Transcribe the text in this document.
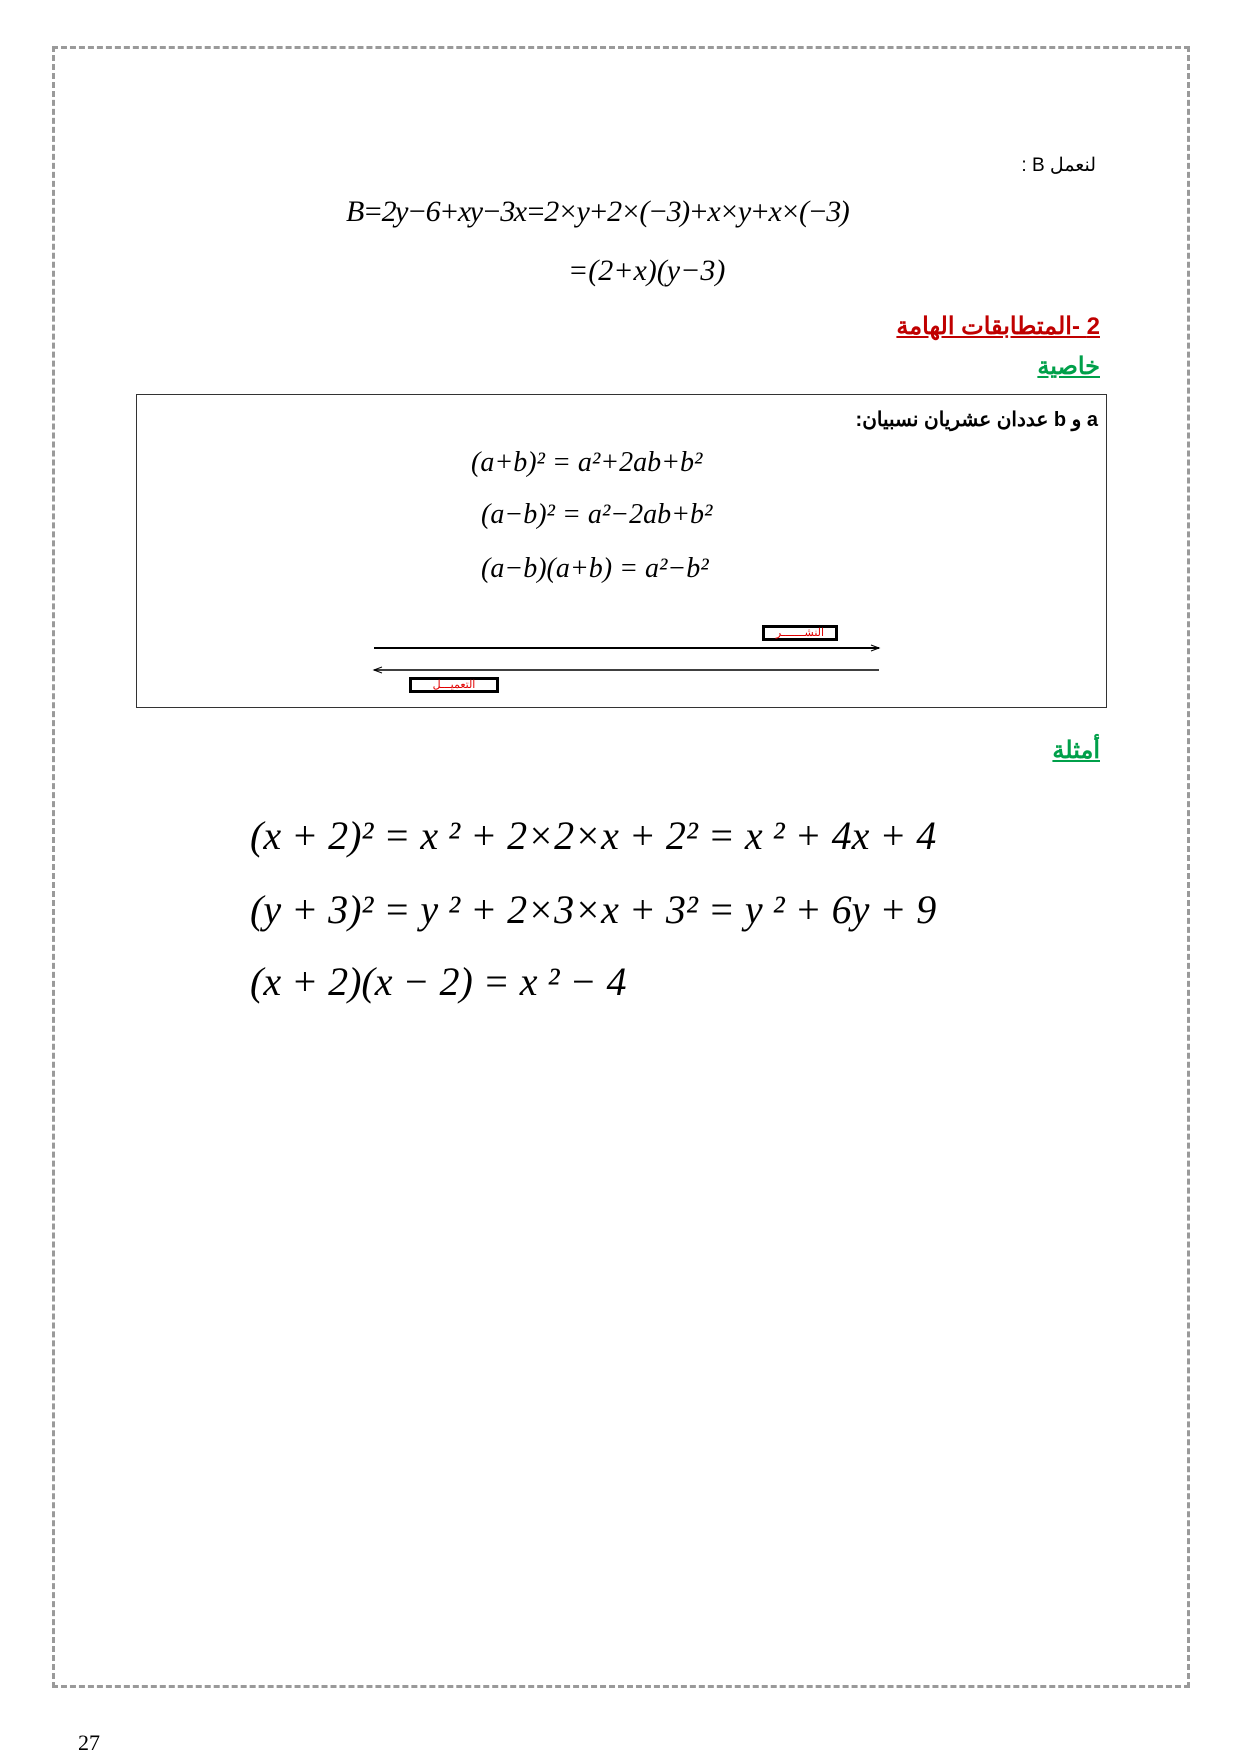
لنعمل B :
B=2y−6+xy−3x=2×y+2×(−3)+x×y+x×(−3)
=(2+x)(y−3)
2 -المتطابقات الهامة
خاصية
a و b عددان عشريان نسبيان:
(a+b)² = a²+2ab+b²
(a−b)² = a²−2ab+b²
(a−b)(a+b) = a²−b²
النشـــــــر
التعميـــل
أمثلة
(x + 2)² = x ² + 2×2×x + 2² = x ² + 4x + 4
(y + 3)² = y ² + 2×3×x + 3² = y ² + 6y + 9
(x + 2)(x − 2) = x ² − 4
27
